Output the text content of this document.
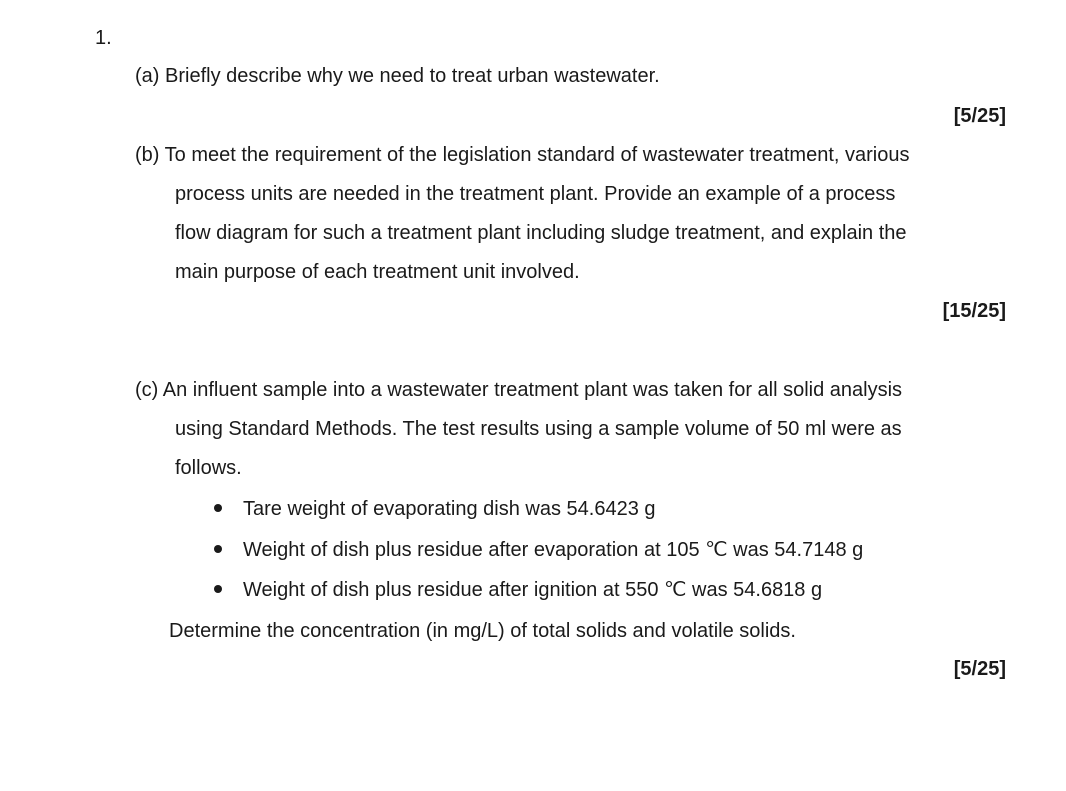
1.
(a) Briefly describe why we need to treat urban wastewater.
[5/25]
(b) To meet the requirement of the legislation standard of wastewater treatment, various
process units are needed in the treatment plant. Provide an example of a process
flow diagram for such a treatment plant including sludge treatment, and explain the
main purpose of each treatment unit involved.
[15/25]
(c) An influent sample into a wastewater treatment plant was taken for all solid analysis
using Standard Methods. The test results using a sample volume of 50 ml were as
follows.
Tare weight of evaporating dish was 54.6423 g
Weight of dish plus residue after evaporation at 105 ℃ was 54.7148 g
Weight of dish plus residue after ignition at 550 ℃ was 54.6818 g
Determine the concentration (in mg/L) of total solids and volatile solids.
[5/25]
